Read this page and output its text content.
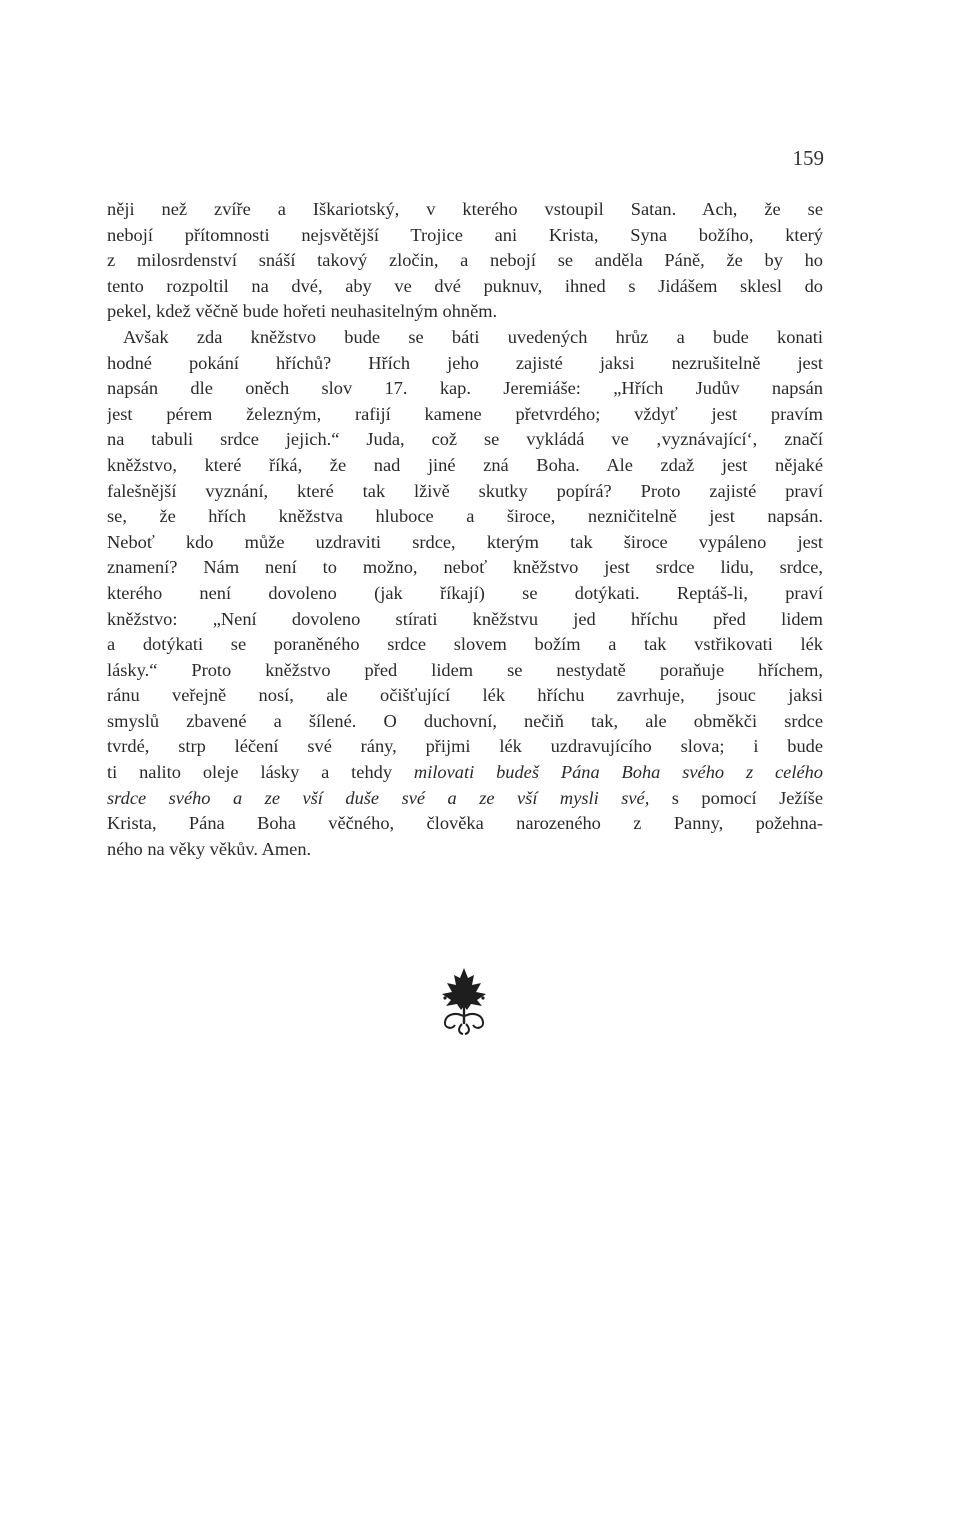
159
něji než zvíře a Iškariotský, v kterého vstoupil Satan. Ach, že se
nebojí přítomnosti nejsvětější Trojice ani Krista, Syna božího, který
z milosrdenství snáší takový zločin, a nebojí se anděla Páně, že by ho
tento rozpoltil na dvé, aby ve dvé puknuv, ihned s Jidášem sklesl do
pekel, kdež věčně bude hořeti neuhasitelným ohněm.
Avšak zda kněžstvo bude se báti uvedených hrůz a bude konati
hodné pokání hříchů? Hřích jeho zajisté jaksi nezrušitelně jest
napsán dle oněch slov 17. kap. Jeremiáše: „Hřích Judův napsán
jest pérem železným, rafijí kamene přetvrdého; vždyť jest pravím
na tabuli srdce jejich.“ Juda, což se vykládá ve ‚vyznávající‘, značí
kněžstvo, které říká, že nad jiné zná Boha. Ale zdaž jest nějaké
falešnější vyznání, které tak lživě skutky popírá? Proto zajisté praví
se, že hřích kněžstva hluboce a široce, nezničitelně jest napsán.
Neboť kdo může uzdraviti srdce, kterým tak široce vypáleno jest
znamení? Nám není to možno, neboť kněžstvo jest srdce lidu, srdce,
kterého není dovoleno (jak říkají) se dotýkati. Reptáš-li, praví
kněžstvo: „Není dovoleno stírati kněžstvu jed hříchu před lidem
a dotýkati se poraněného srdce slovem božím a tak vstřikovati lék
lásky.“ Proto kněžstvo před lidem se nestydatě poraňuje hříchem,
ránu veřejně nosí, ale očišťující lék hříchu zavrhuje, jsouc jaksi
smyslů zbavené a šílené. O duchovní, nečiň tak, ale obměkči srdce
tvrdé, strp léčení své rány, přijmi lék uzdravujícího slova; i bude
ti nalito oleje lásky a tehdy milovati budeš Pána Boha svého z celého
srdce svého a ze vší duše své a ze vší mysli své, s pomocí Ježíše
Krista, Pána Boha věčného, člověka narozeného z Panny, požehna-
ného na věky věkův. Amen.
